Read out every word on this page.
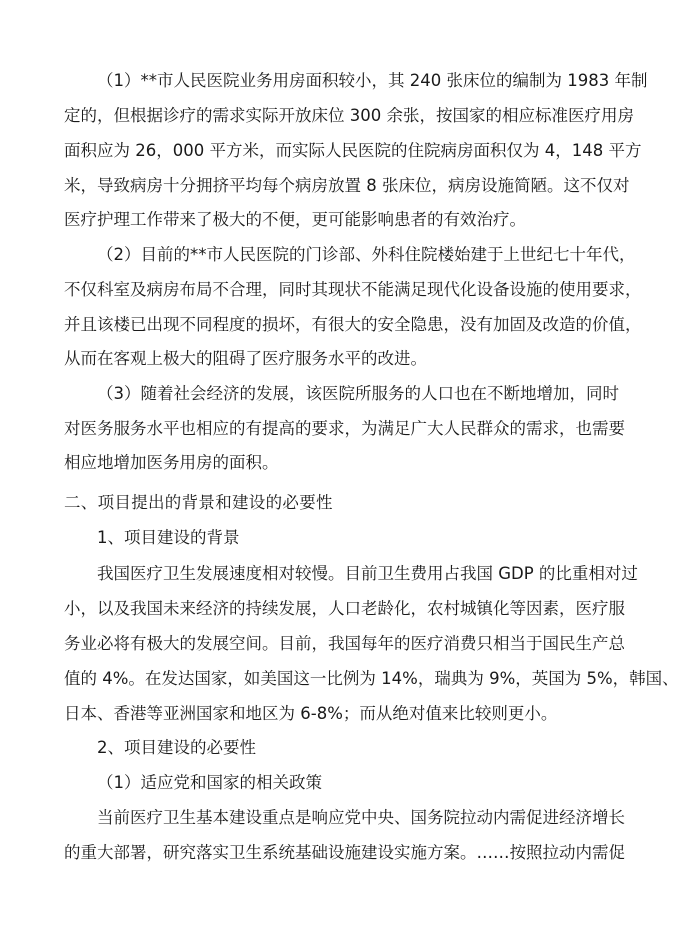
（1）**市人民医院业务用房面积较小，其 240 张床位的编制为 1983 年制
定的，但根据诊疗的需求实际开放床位 300 余张，按国家的相应标准医疗用房
面积应为 26，000 平方米，而实际人民医院的住院病房面积仅为 4，148 平方
米，导致病房十分拥挤平均每个病房放置 8 张床位，病房设施简陋。这不仅对
医疗护理工作带来了极大的不便，更可能影响患者的有效治疗。
（2）目前的**市人民医院的门诊部、外科住院楼始建于上世纪七十年代，
不仅科室及病房布局不合理，同时其现状不能满足现代化设备设施的使用要求，
并且该楼已出现不同程度的损坏，有很大的安全隐患，没有加固及改造的价值，
从而在客观上极大的阻碍了医疗服务水平的改进。
（3）随着社会经济的发展，该医院所服务的人口也在不断地增加，同时
对医务服务水平也相应的有提高的要求，为满足广大人民群众的需求，也需要
相应地增加医务用房的面积。
二、项目提出的背景和建设的必要性
1、项目建设的背景
我国医疗卫生发展速度相对较慢。目前卫生费用占我国 GDP 的比重相对过
小，以及我国未来经济的持续发展，人口老龄化，农村城镇化等因素，医疗服
务业必将有极大的发展空间。目前，我国每年的医疗消费只相当于国民生产总
值的 4%。在发达国家，如美国这一比例为 14%，瑞典为 9%，英国为 5%，韩国、
日本、香港等亚洲国家和地区为 6-8%；而从绝对值来比较则更小。
2、项目建设的必要性
（1）适应党和国家的相关政策
当前医疗卫生基本建设重点是响应党中央、国务院拉动内需促进经济增长
的重大部署，研究落实卫生系统基础设施建设实施方案。……按照拉动内需促
